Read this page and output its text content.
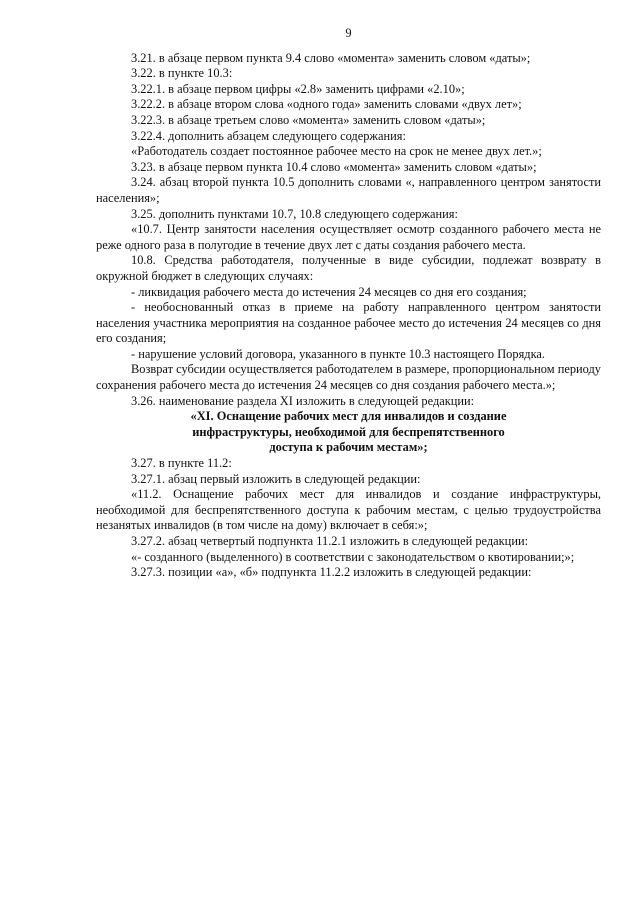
9

3.21. в абзаце первом пункта 9.4 слово «момента» заменить словом «даты»;

3.22. в пункте 10.3:

3.22.1. в абзаце первом цифры «2.8» заменить цифрами «2.10»;

3.22.2. в абзаце втором слова «одного года» заменить словами «двух лет»;

3.22.3. в абзаце третьем слово «момента» заменить словом «даты»;

3.22.4. дополнить абзацем следующего содержания:

«Работодатель создает постоянное рабочее место на срок не менее двух лет.»;

3.23. в абзаце первом пункта 10.4 слово «момента» заменить словом «даты»;

3.24. абзац второй пункта 10.5 дополнить словами «, направленного центром занятости населения»;

3.25. дополнить пунктами 10.7, 10.8 следующего содержания:

«10.7. Центр занятости населения осуществляет осмотр созданного рабочего места не реже одного раза в полугодие в течение двух лет с даты создания рабочего места.

10.8. Средства работодателя, полученные в виде субсидии, подлежат возврату в окружной бюджет в следующих случаях:

- ликвидация рабочего места до истечения 24 месяцев со дня его создания;

- необоснованный отказ в приеме на работу направленного центром занятости населения участника мероприятия на созданное рабочее место до истечения 24 месяцев со дня его создания;

- нарушение условий договора, указанного в пункте 10.3 настоящего Порядка.

Возврат субсидии осуществляется работодателем в размере, пропорциональном периоду сохранения рабочего места до истечения 24 месяцев со дня создания рабочего места.»;

3.26. наименование раздела XI изложить в следующей редакции:

«XI. Оснащение рабочих мест для инвалидов и создание

инфраструктуры, необходимой для беспрепятственного

доступа к рабочим местам»;

3.27. в пункте 11.2:

3.27.1. абзац первый изложить в следующей редакции:

«11.2. Оснащение рабочих мест для инвалидов и создание инфраструктуры, необходимой для беспрепятственного доступа к рабочим местам, с целью трудоустройства незанятых инвалидов (в том числе на дому) включает в себя:»;

3.27.2. абзац четвертый подпункта 11.2.1 изложить в следующей редакции:

«- созданного (выделенного) в соответствии с законодательством о квотировании;»;

3.27.3. позиции «а», «б» подпункта 11.2.2 изложить в следующей редакции:
